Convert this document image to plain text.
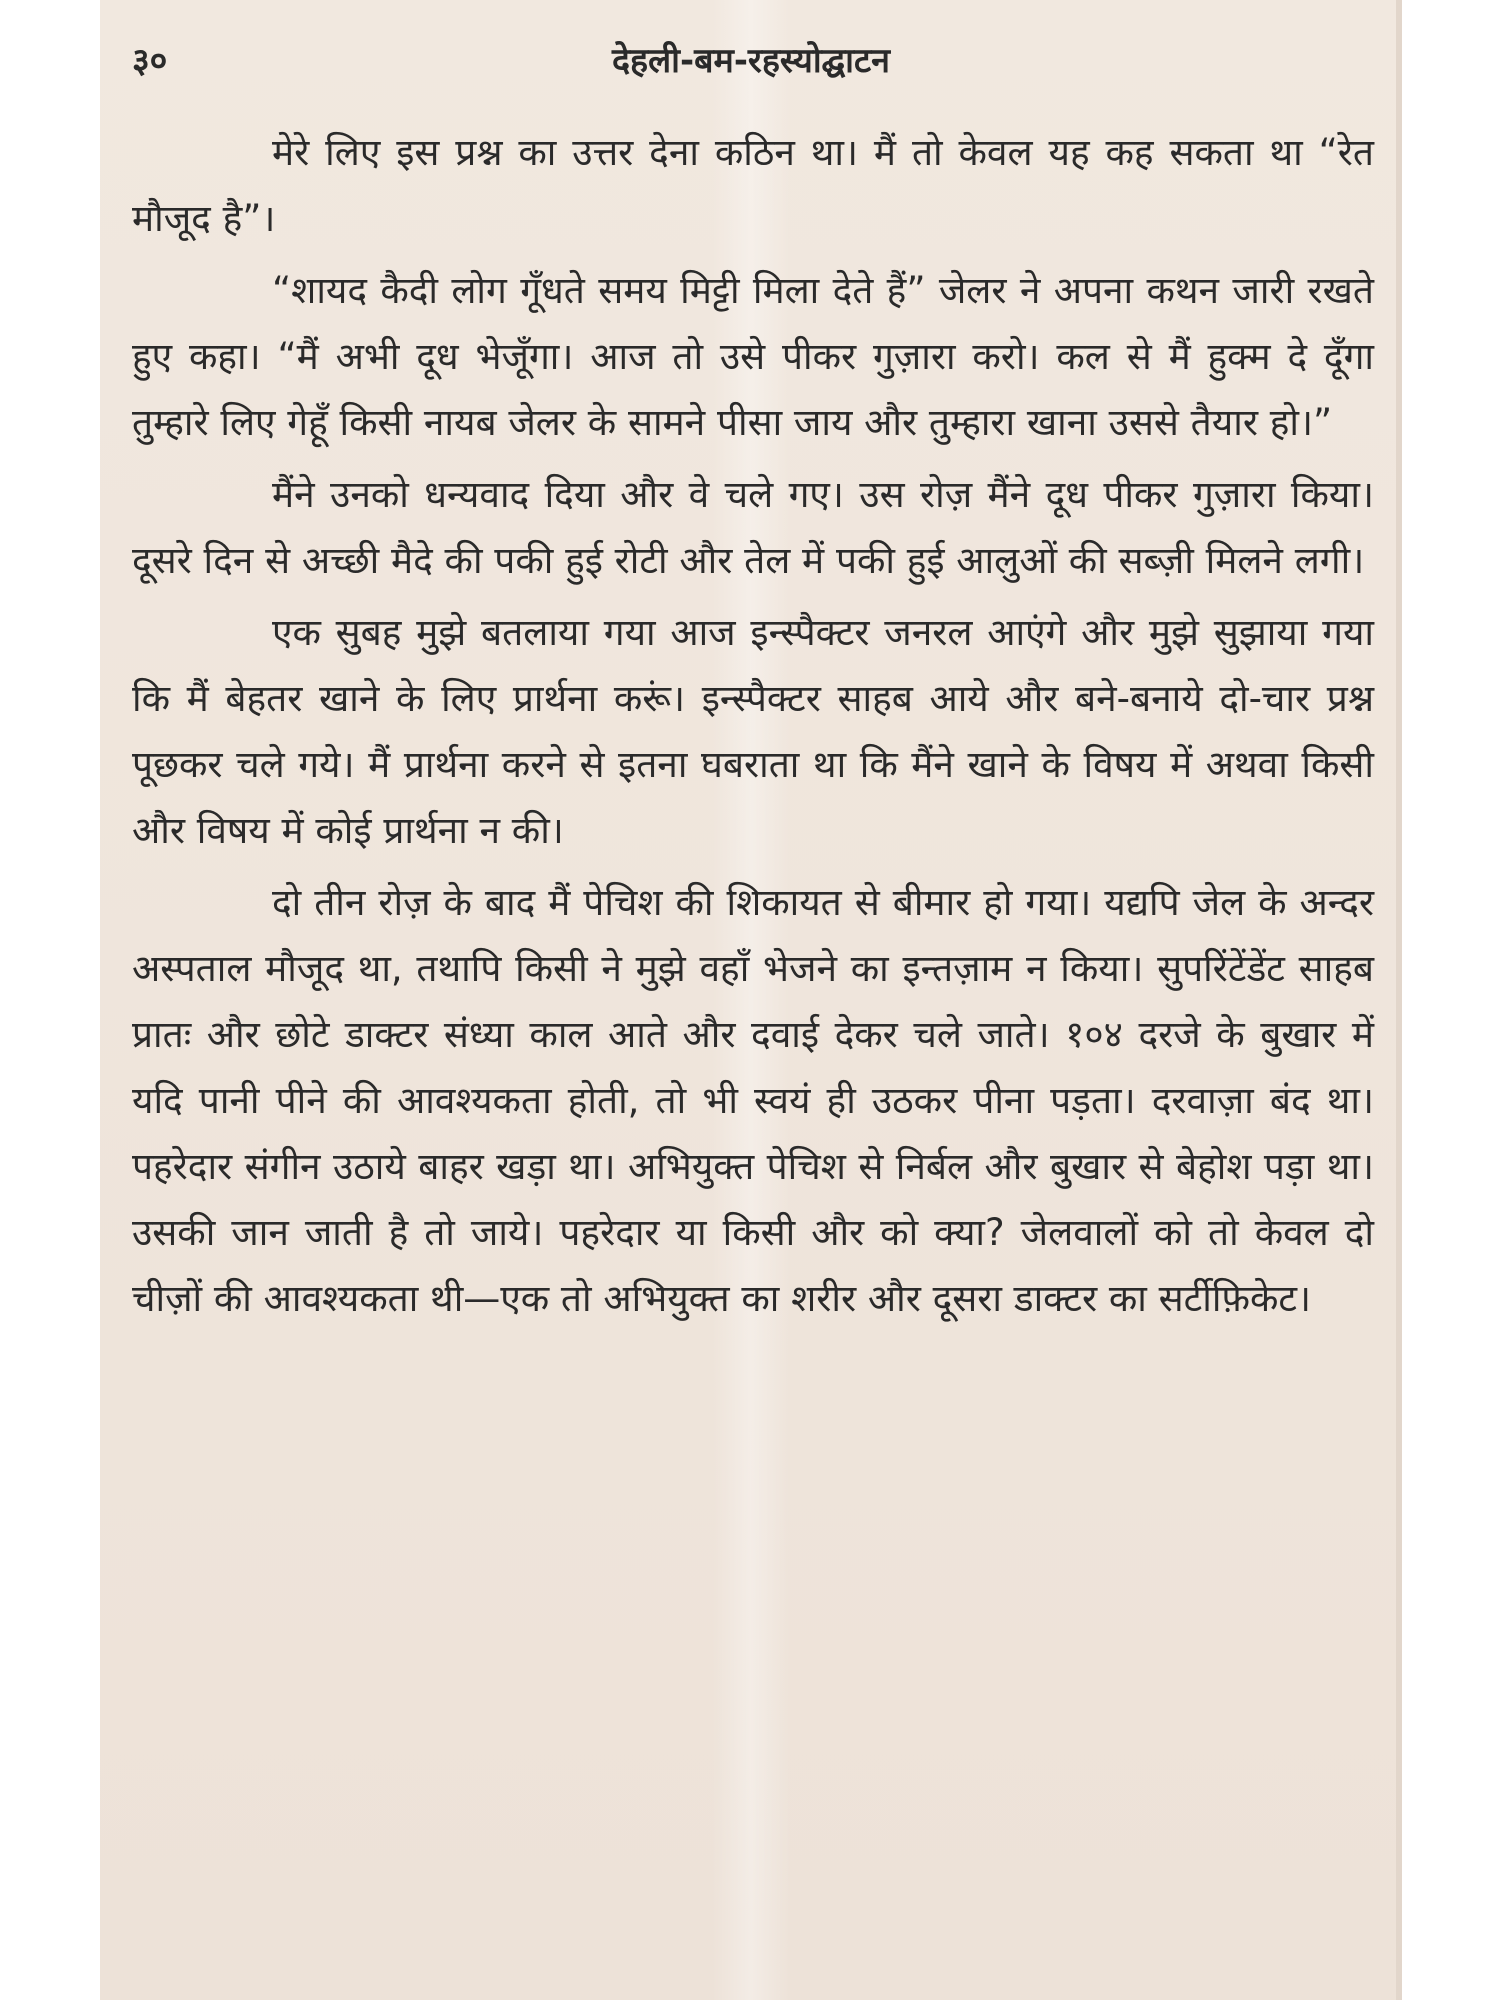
३०	देहली-बम-रहस्योद्घाटन

मेरे लिए इस प्रश्न का उत्तर देना कठिन था। मैं तो केवल यह कह सकता था “रेत मौजूद है”।

“शायद कैदी लोग गूँधते समय मिट्टी मिला देते हैं” जेलर ने अपना कथन जारी रखते हुए कहा। “मैं अभी दूध भेजूँगा। आज तो उसे पीकर गुज़ारा करो। कल से मैं हुक्म दे दूँगा तुम्हारे लिए गेहूँ किसी नायब जेलर के सामने पीसा जाय और तुम्हारा खाना उससे तैयार हो।”

मैंने उनको धन्यवाद दिया और वे चले गए। उस रोज़ मैंने दूध पीकर गुज़ारा किया। दूसरे दिन से अच्छी मैदे की पकी हुई रोटी और तेल में पकी हुई आलुओं की सब्ज़ी मिलने लगी।

एक सुबह मुझे बतलाया गया आज इन्स्पैक्टर जनरल आएंगे और मुझे सुझाया गया कि मैं बेहतर खाने के लिए प्रार्थना करूं। इन्स्पैक्टर साहब आये और बने-बनाये दो-चार प्रश्न पूछकर चले गये। मैं प्रार्थना करने से इतना घबराता था कि मैंने खाने के विषय में अथवा किसी और विषय में कोई प्रार्थना न की।

दो तीन रोज़ के बाद मैं पेचिश की शिकायत से बीमार हो गया। यद्यपि जेल के अन्दर अस्पताल मौजूद था, तथापि किसी ने मुझे वहाँ भेजने का इन्तज़ाम न किया। सुपरिंटेंडेंट साहब प्रातः और छोटे डाक्टर संध्या काल आते और दवाई देकर चले जाते। १०४ दरजे के बुखार में यदि पानी पीने की आवश्यकता होती, तो भी स्वयं ही उठकर पीना पड़ता। दरवाज़ा बंद था। पहरेदार संगीन उठाये बाहर खड़ा था। अभियुक्त पेचिश से निर्बल और बुखार से बेहोश पड़ा था। उसकी जान जाती है तो जाये। पहरेदार या किसी और को क्या? जेलवालों को तो केवल दो चीज़ों की आवश्यकता थी—एक तो अभियुक्त का शरीर और दूसरा डाक्टर का सर्टीफ़िकेट।
